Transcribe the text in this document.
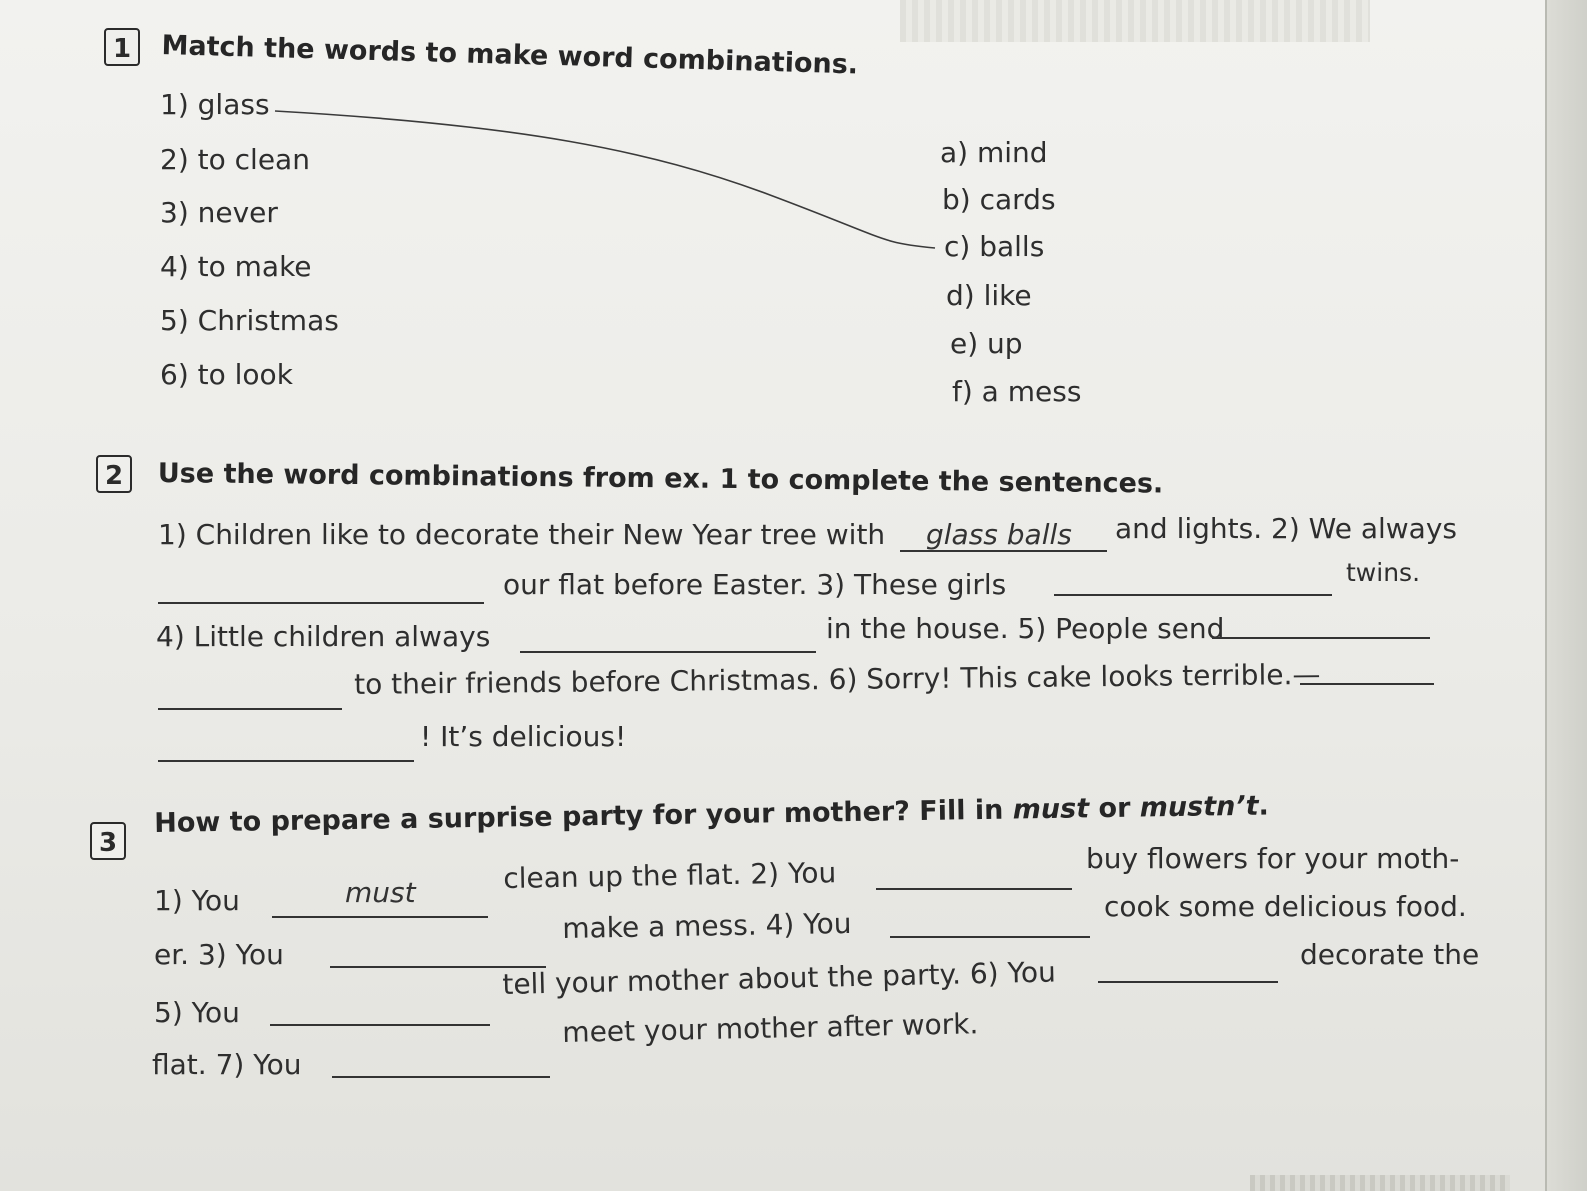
1	Match the words to make word combinations.
1) glass
2) to clean
3) never
4) to make
5) Christmas
6) to look
a) mind
b) cards
c) balls
d) like
e) up
f) a mess
2	Use the word combinations from ex. 1 to complete the sentences.
1) Children like to decorate their New Year tree with glass balls and lights. 2) We always
our flat before Easter. 3) These girls	twins.
4) Little children always	in the house. 5) People send
to their friends before Christmas. 6) Sorry! This cake looks terrible.—
! It’s delicious!
3
How to prepare a surprise party for your mother? Fill in must or mustn’t.
1) You	must	clean up the flat. 2) You	buy flowers for your moth-
er. 3) You
make a mess. 4) You
cook some delicious food.
5) You
tell your mother about the party. 6) You
decorate the
flat. 7) You
meet your mother after work.
